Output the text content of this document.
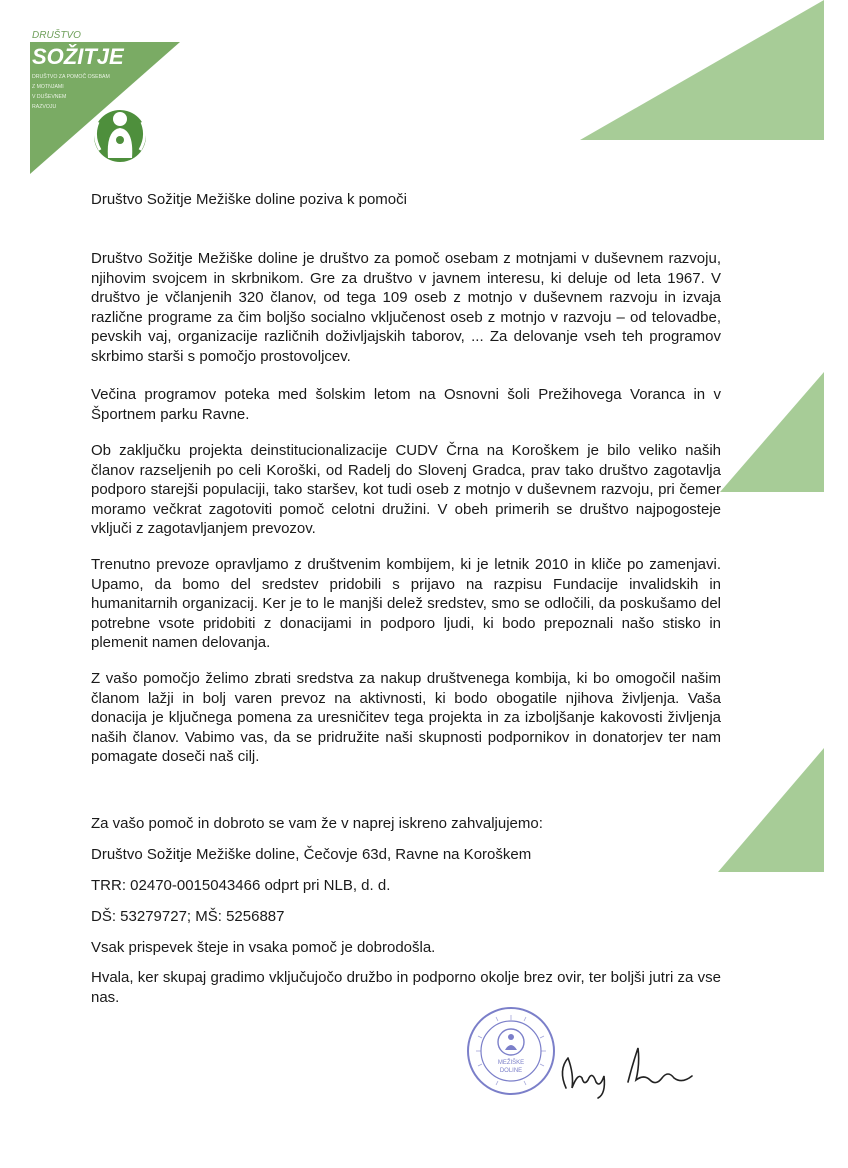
DRUŠTVO
SOŽITJE
DRUŠTVO ZA POMOČ OSEBAM
Z MOTNJAMI
V DUŠEVNEM
RAZVOJU
Društvo Sožitje Mežiške doline poziva k pomoči

Društvo Sožitje Mežiške doline je društvo za pomoč osebam z motnjami v duševnem razvoju, njihovim svojcem in skrbnikom. Gre za društvo v javnem interesu, ki deluje od leta 1967. V društvo je včlanjenih 320 članov, od tega 109 oseb z motnjo v duševnem razvoju in izvaja različne programe za čim boljšo socialno vključenost oseb z motnjo v razvoju – od telovadbe, pevskih vaj, organizacije različnih doživljajskih taborov, ... Za delovanje vseh teh programov skrbimo starši s pomočjo prostovoljcev.

Večina programov poteka med šolskim letom na Osnovni šoli Prežihovega Voranca in v Športnem parku Ravne.

Ob zaključku projekta deinstitucionalizacije CUDV Črna na Koroškem je bilo veliko naših članov razseljenih po celi Koroški, od Radelj do Slovenj Gradca, prav tako društvo zagotavlja podporo starejši populaciji, tako staršev, kot tudi oseb z motnjo v duševnem razvoju, pri čemer moramo večkrat zagotoviti pomoč celotni družini. V obeh primerih se društvo najpogosteje vključi z zagotavljanjem prevozov.

Trenutno prevoze opravljamo z društvenim kombijem, ki je letnik 2010 in kliče po zamenjavi. Upamo, da bomo del sredstev pridobili s prijavo na razpisu Fundacije invalidskih in humanitarnih organizacij. Ker je to le manjši delež sredstev, smo se odločili, da poskušamo del potrebne vsote pridobiti z donacijami in podporo ljudi, ki bodo prepoznali našo stisko in plemenit namen delovanja.

Z vašo pomočjo želimo zbrati sredstva za nakup društvenega kombija, ki bo omogočil našim članom lažji in bolj varen prevoz na aktivnosti, ki bodo obogatile njihova življenja. Vaša donacija je ključnega pomena za uresničitev tega projekta in za izboljšanje kakovosti življenja naših članov. Vabimo vas, da se pridružite naši skupnosti podpornikov in donatorjev ter nam pomagate doseči naš cilj.

Za vašo pomoč in dobroto se vam že v naprej iskreno zahvaljujemo:
Društvo Sožitje Mežiške doline, Čečovje 63d, Ravne na Koroškem
TRR: 02470-0015043466 odprt pri NLB, d. d.
DŠ: 53279727; MŠ: 5256887
Vsak prispevek šteje in vsaka pomoč je dobrodošla.

Hvala, ker skupaj gradimo vključujočo družbo in podporno okolje brez ovir, ter boljši jutri za vse nas.

MEŽIŠKE
DOLINE
